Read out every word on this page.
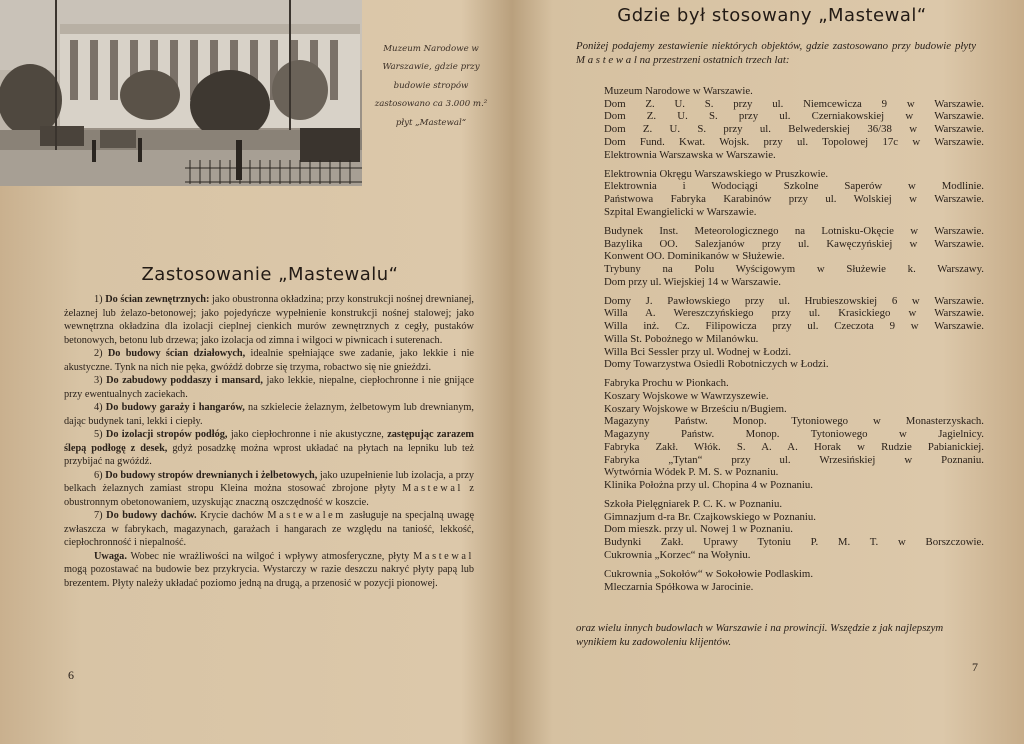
Muzeum Narodowe w Warszawie, gdzie przy budowie stropów zastosowano ca 3.000 m.² płyt „Mastewal“
Zastosowanie „Mastewalu“

1) Do ścian zewnętrznych: jako obustronna okładzina; przy konstrukcji nośnej drewnianej, żelaznej lub żelazo-betonowej; jako pojedyńcze wypełnienie konstrukcji nośnej stalowej; jako wewnętrzna okładzina dla izolacji cieplnej cienkich murów zewnętrznych z cegły, pustaków betonowych, betonu lub drzewa; jako izolacja od zimna i wilgoci w piwnicach i suterenach.

2) Do budowy ścian działowych, idealnie spełniające swe zadanie, jako lekkie i nie akustyczne. Tynk na nich nie pęka, gwóźdź dobrze się trzyma, robactwo się nie gnieździ.

3) Do zabudowy poddaszy i mansard, jako lekkie, niepalne, ciepłochronne i nie gnijące przy ewentualnych zaciekach.

4) Do budowy garaży i hangarów, na szkielecie żelaznym, żelbetowym lub drewnianym, dając budynek tani, lekki i ciepły.

5) Do izolacji stropów podłóg, jako ciepłochronne i nie akustyczne, zastępując zarazem ślepą podłogę z desek, gdyż posadzkę można wprost układać na płytach na lepniku lub też przybijać na gwóźdź.

6) Do budowy stropów drewnianych i żelbetowych, jako uzupełnienie lub izolacja, a przy belkach żelaznych zamiast stropu Kleina można stosować zbrojone płyty Mastewal z obustronnym obetonowaniem, uzyskując znaczną oszczędność w koszcie.

7) Do budowy dachów. Krycie dachów Mastewalem zasługuje na specjalną uwagę zwłaszcza w fabrykach, magazynach, garażach i hangarach ze względu na taniość, lekkość, ciepłochronność i niepalność.

Uwaga. Wobec nie wrażliwości na wilgoć i wpływy atmosferyczne, płyty Mastewal mogą pozostawać na budowie bez przykrycia. Wystarczy w razie deszczu nakryć płyty papą lub brezentem. Płyty należy układać poziomo jedną na drugą, a przenosić w pozycji pionowej.

6
Gdzie był stosowany „Mastewal“
Poniżej podajemy zestawienie niektórych objektów, gdzie zastosowano przy budowie płyty M a s t e w a l na przestrzeni ostatnich trzech lat:
Muzeum Narodowe w Warszawie.
Dom Z. U. S. przy ul. Niemcewicza 9 w Warszawie.
Dom Z. U. S. przy ul. Czerniakowskiej w Warszawie.
Dom Z. U. S. przy ul. Belwederskiej 36/38 w Warszawie.
Dom Fund. Kwat. Wojsk. przy ul. Topolowej 17c w Warszawie.
Elektrownia Warszawska w Warszawie.
Elektrownia Okręgu Warszawskiego w Pruszkowie.
Elektrownia i Wodociągi Szkolne Saperów w Modlinie.
Państwowa Fabryka Karabinów przy ul. Wolskiej w Warszawie.
Szpital Ewangielicki w Warszawie.
Budynek Inst. Meteorologicznego na Lotnisku-Okęcie w Warszawie.
Bazylika OO. Salezjanów przy ul. Kawęczyńskiej w Warszawie.
Konwent OO. Dominikanów w Służewie.
Trybuny na Polu Wyścigowym w Służewie k. Warszawy.
Dom przy ul. Wiejskiej 14 w Warszawie.
Domy J. Pawłowskiego przy ul. Hrubieszowskiej 6 w Warszawie.
Willa A. Wereszczyńskiego przy ul. Krasickiego w Warszawie.
Willa inż. Cz. Filipowicza przy ul. Czeczota 9 w Warszawie.
Willa St. Pobożnego w Milanówku.
Willa Bci Sessler przy ul. Wodnej w Łodzi.
Domy Towarzystwa Osiedli Robotniczych w Łodzi.
Fabryka Prochu w Pionkach.
Koszary Wojskowe w Wawrzyszewie.
Koszary Wojskowe w Brześciu n/Bugiem.
Magazyny Państw. Monop. Tytoniowego w Monasterzyskach.
Magazyny Państw. Monop. Tytoniowego w Jagielnicy.
Fabryka Zakł. Włók. S. A. A. Horak w Rudzie Pabianickiej.
Fabryka „Tytan“ przy ul. Wrzesińskiej w Poznaniu.
Wytwórnia Wódek P. M. S. w Poznaniu.
Klinika Położna przy ul. Chopina 4 w Poznaniu.
Szkoła Pielęgniarek P. C. K. w Poznaniu.
Gimnazjum d-ra Br. Czajkowskiego w Poznaniu.
Dom mieszk. przy ul. Nowej 1 w Poznaniu.
Budynki Zakł. Uprawy Tytoniu P. M. T. w Borszczowie.
Cukrownia „Korzec“ na Wołyniu.
Cukrownia „Sokołów“ w Sokołowie Podlaskim.
Mleczarnia Spółkowa w Jarocinie.
oraz wielu innych budowlach w Warszawie i na prowincji. Wszędzie z jak najlepszym wynikiem ku zadowoleniu klijentów.
7
